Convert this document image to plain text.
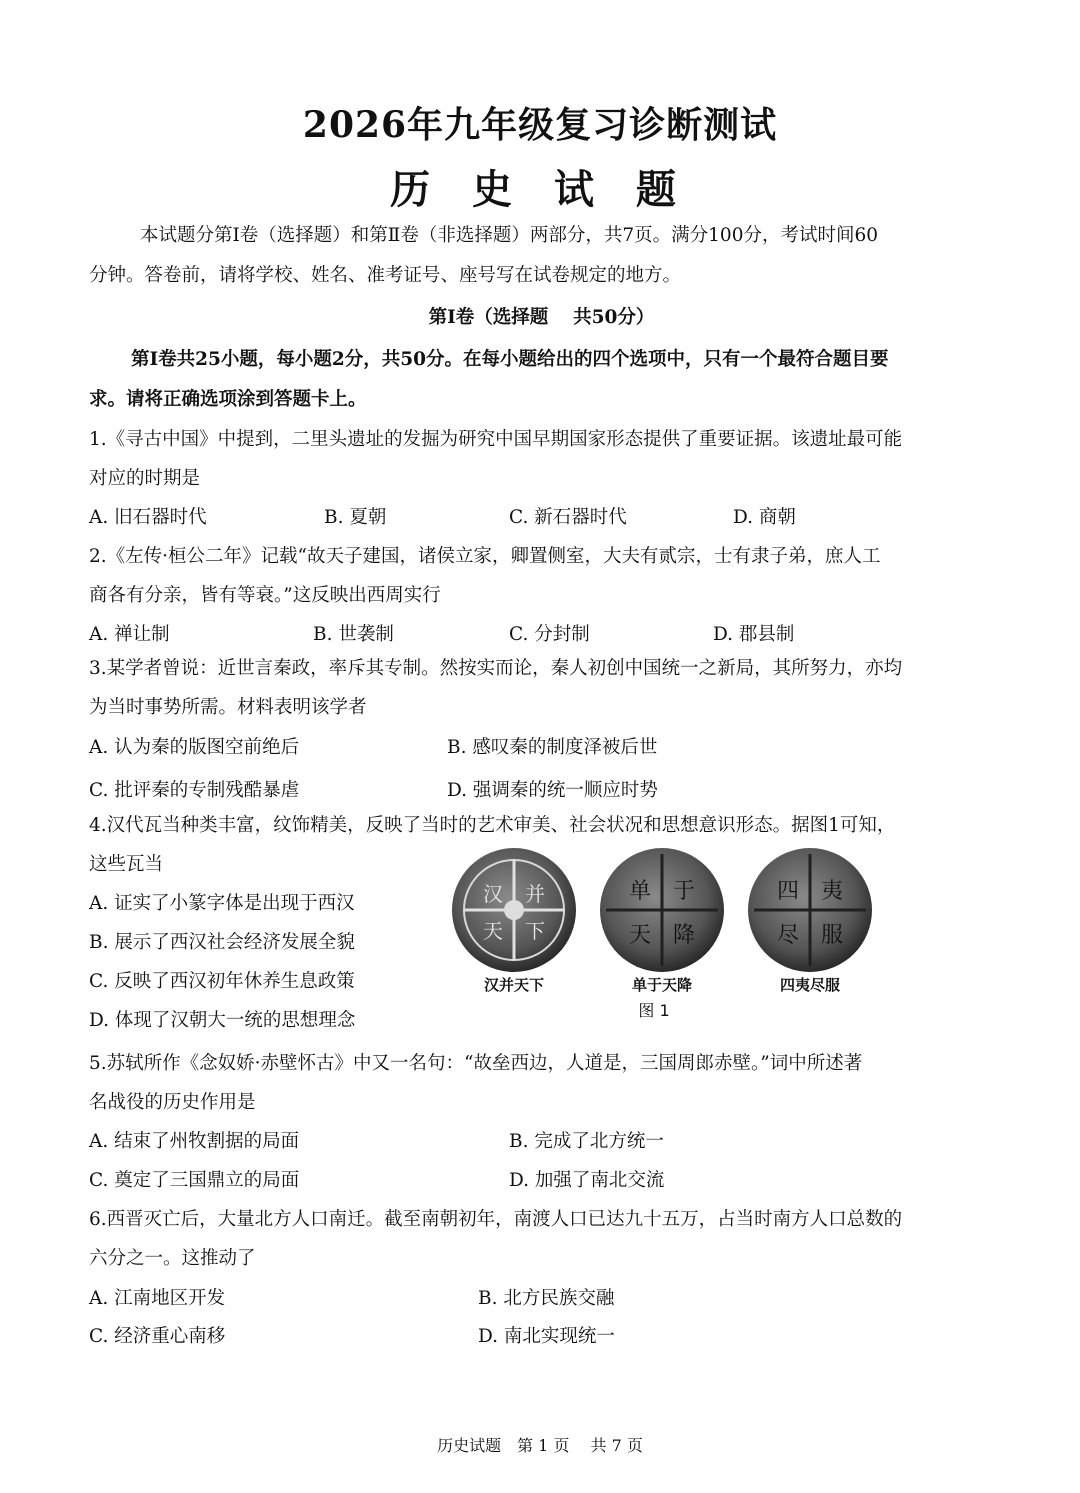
2026年九年级复习诊断测试
历 史 试 题
本试题分第Ⅰ卷（选择题）和第Ⅱ卷（非选择题）两部分，共7页。满分100分，考试时间60
分钟。答卷前，请将学校、姓名、准考证号、座号写在试卷规定的地方。
第Ⅰ卷（选择题　 共50分）
第Ⅰ卷共25小题，每小题2分，共50分。在每小题给出的四个选项中，只有一个最符合题目要
求。请将正确选项涂到答题卡上。
1.《寻古中国》中提到，二里头遗址的发掘为研究中国早期国家形态提供了重要证据。该遗址最可能
对应的时期是
A. 旧石器时代	B. 夏朝	C. 新石器时代	D. 商朝
2.《左传·桓公二年》记载“故天子建国，诸侯立家，卿置侧室，大夫有贰宗，士有隶子弟，庶人工
商各有分亲，皆有等衰。”这反映出西周实行
A. 禅让制	B. 世袭制	C. 分封制	D. 郡县制
3.某学者曾说：近世言秦政，率斥其专制。然按实而论，秦人初创中国统一之新局，其所努力，亦均
为当时事势所需。材料表明该学者
A. 认为秦的版图空前绝后	B. 感叹秦的制度泽被后世
C. 批评秦的专制残酷暴虐	D. 强调秦的统一顺应时势
4.汉代瓦当种类丰富，纹饰精美，反映了当时的艺术审美、社会状况和思想意识形态。据图1可知，
这些瓦当
A. 证实了小篆字体是出现于西汉
B. 展示了西汉社会经济发展全貌
C. 反映了西汉初年休养生息政策
D. 体现了汉朝大一统的思想理念
汉 并
天 下
单 于
天 降
四 夷
尽 服
汉并天下	单于天降	四夷尽服
图 1
5.苏轼所作《念奴娇·赤壁怀古》中又一名句：“故垒西边，人道是，三国周郎赤壁。”词中所述著
名战役的历史作用是
A. 结束了州牧割据的局面	B. 完成了北方统一
C. 奠定了三国鼎立的局面	D. 加强了南北交流
6.西晋灭亡后，大量北方人口南迁。截至南朝初年，南渡人口已达九十五万，占当时南方人口总数的
六分之一。这推动了
A. 江南地区开发	B. 北方民族交融
C. 经济重心南移	D. 南北实现统一
历史试题　第 1 页　 共 7 页
